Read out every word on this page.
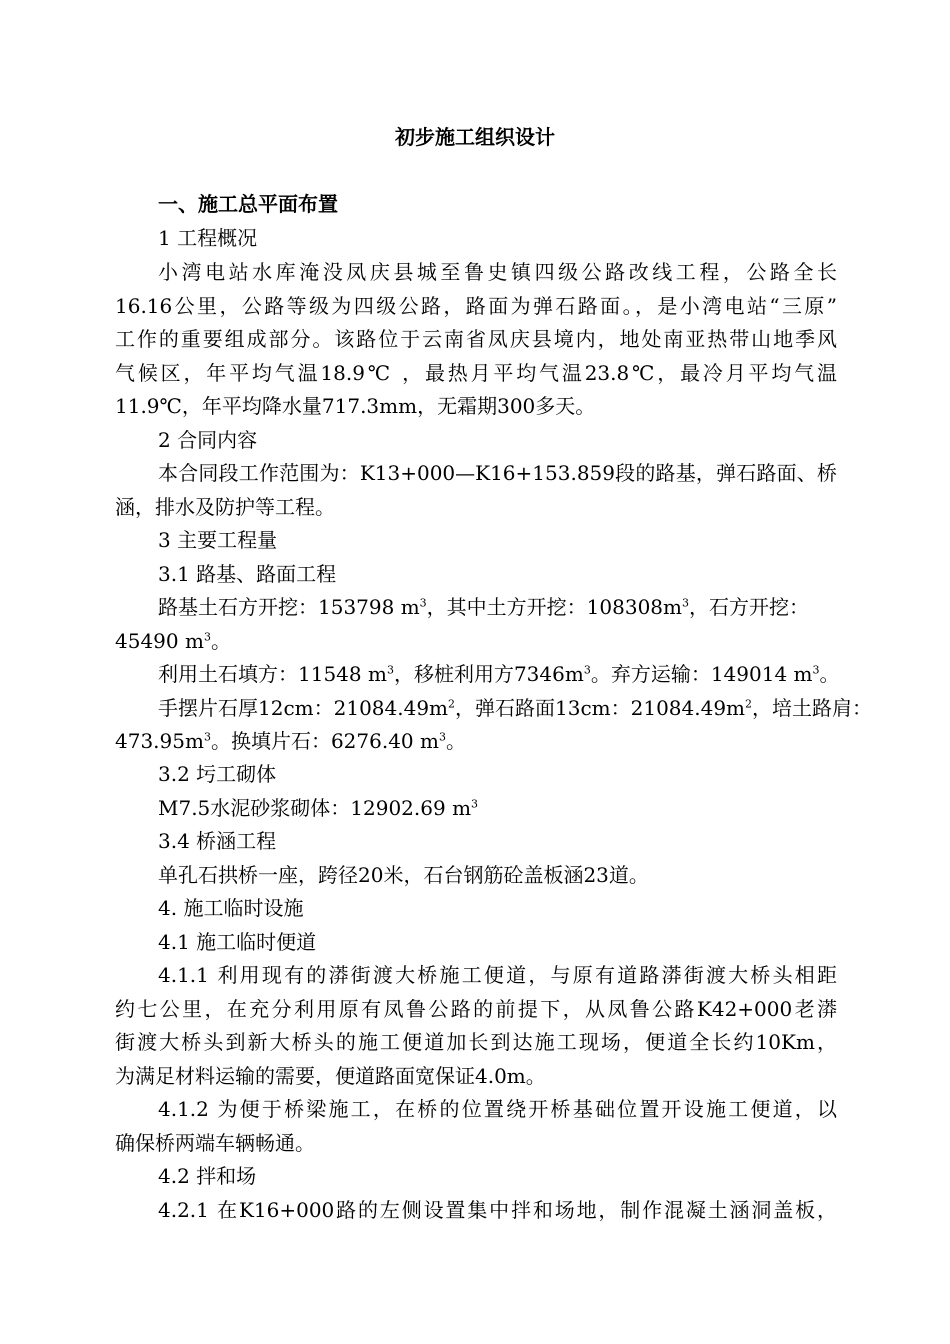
初步施工组织设计
一、施工总平面布置
1 工程概况
小湾电站水库淹没凤庆县城至鲁史镇四级公路改线工程，公路全长
16.16公里，公路等级为四级公路，路面为弹石路面。，是小湾电站“三原”
工作的重要组成部分。该路位于云南省凤庆县境内，地处南亚热带山地季风
气候区，年平均气温18.9℃ ，最热月平均气温23.8℃，最冷月平均气温
11.9℃，年平均降水量717.3mm，无霜期300多天。
2 合同内容
本合同段工作范围为：K13+000—K16+153.859段的路基，弹石路面、桥
涵，排水及防护等工程。
3 主要工程量
3.1 路基、路面工程
路基土石方开挖：153798 $m^3$，其中土方开挖：$108308m^3$，石方开挖：
45490 $m^3$。
利用土石填方：11548 $m^3$，移桩利用方$7346m^3$。弃方运输：149014 $m^3$。
手摆片石厚12cm：$21084.49m^2$，弹石路面13cm：$21084.49m^2$，培土路肩：
$473.95m^3$。换填片石：6276.40 $m^3$。
3.2 圬工砌体
M7.5水泥砂浆砌体：12902.69 $m^3$
3.4 桥涵工程
单孔石拱桥一座，跨径20米，石台钢筋砼盖板涵23道。
4. 施工临时设施
4.1 施工临时便道
4.1.1 利用现有的漭街渡大桥施工便道，与原有道路漭街渡大桥头相距
约七公里，在充分利用原有凤鲁公路的前提下，从凤鲁公路K42+000老漭
街渡大桥头到新大桥头的施工便道加长到达施工现场，便道全长约10Km，
为满足材料运输的需要，便道路面宽保证4.0m。
4.1.2 为便于桥梁施工，在桥的位置绕开桥基础位置开设施工便道，以
确保桥两端车辆畅通。
4.2 拌和场
4.2.1 在K16+000路的左侧设置集中拌和场地，制作混凝土涵洞盖板，
